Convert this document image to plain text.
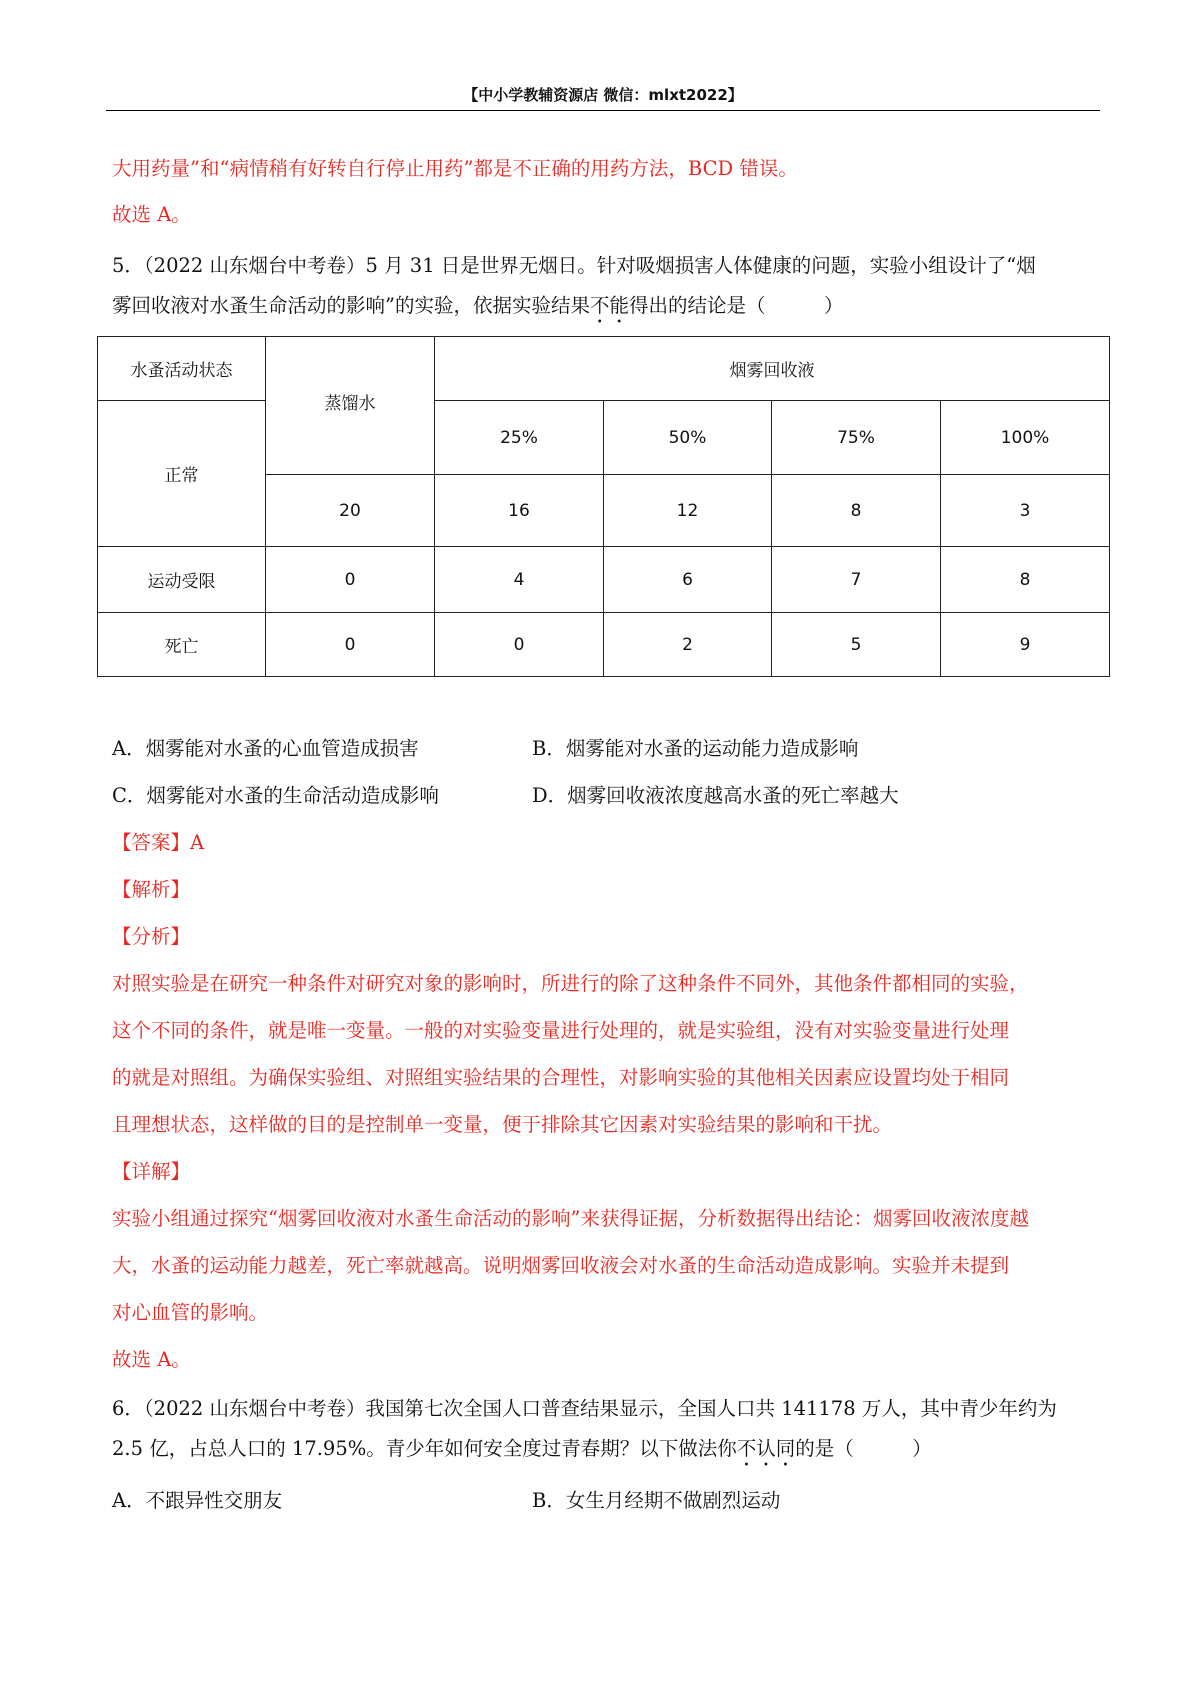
【中小学教辅资源店 微信：mlxt2022】
大用药量”和“病情稍有好转自行停止用药”都是不正确的用药方法，BCD 错误。
故选 A。
5．（2022 山东烟台中考卷）5 月 31 日是世界无烟日。针对吸烟损害人体健康的问题，实验小组设计了“烟
雾回收液对水蚤生命活动的影响”的实验，依据实验结果不能得出的结论是（　　　）
水蚤活动状态	蒸馏水	烟雾回收液			
正常		25%	50%	75%	100%
	20	16	12	8	3
运动受限	0	4	6	7	8
死亡	0	0	2	5	9
A．烟雾能对水蚤的心血管造成损害	B．烟雾能对水蚤的运动能力造成影响
C．烟雾能对水蚤的生命活动造成影响	D．烟雾回收液浓度越高水蚤的死亡率越大
【答案】A
【解析】
【分析】
对照实验是在研究一种条件对研究对象的影响时，所进行的除了这种条件不同外，其他条件都相同的实验，
这个不同的条件，就是唯一变量。一般的对实验变量进行处理的，就是实验组，没有对实验变量进行处理
的就是对照组。为确保实验组、对照组实验结果的合理性，对影响实验的其他相关因素应设置均处于相同
且理想状态，这样做的目的是控制单一变量，便于排除其它因素对实验结果的影响和干扰。
【详解】
实验小组通过探究“烟雾回收液对水蚤生命活动的影响”来获得证据，分析数据得出结论：烟雾回收液浓度越
大，水蚤的运动能力越差，死亡率就越高。说明烟雾回收液会对水蚤的生命活动造成影响。实验并未提到
对心血管的影响。
故选 A。
6．（2022 山东烟台中考卷）我国第七次全国人口普查结果显示，全国人口共 141178 万人，其中青少年约为
2.5 亿，占总人口的 17.95%。青少年如何安全度过青春期？以下做法你不认同的是（　　　）
A．不跟异性交朋友	B．女生月经期不做剧烈运动
